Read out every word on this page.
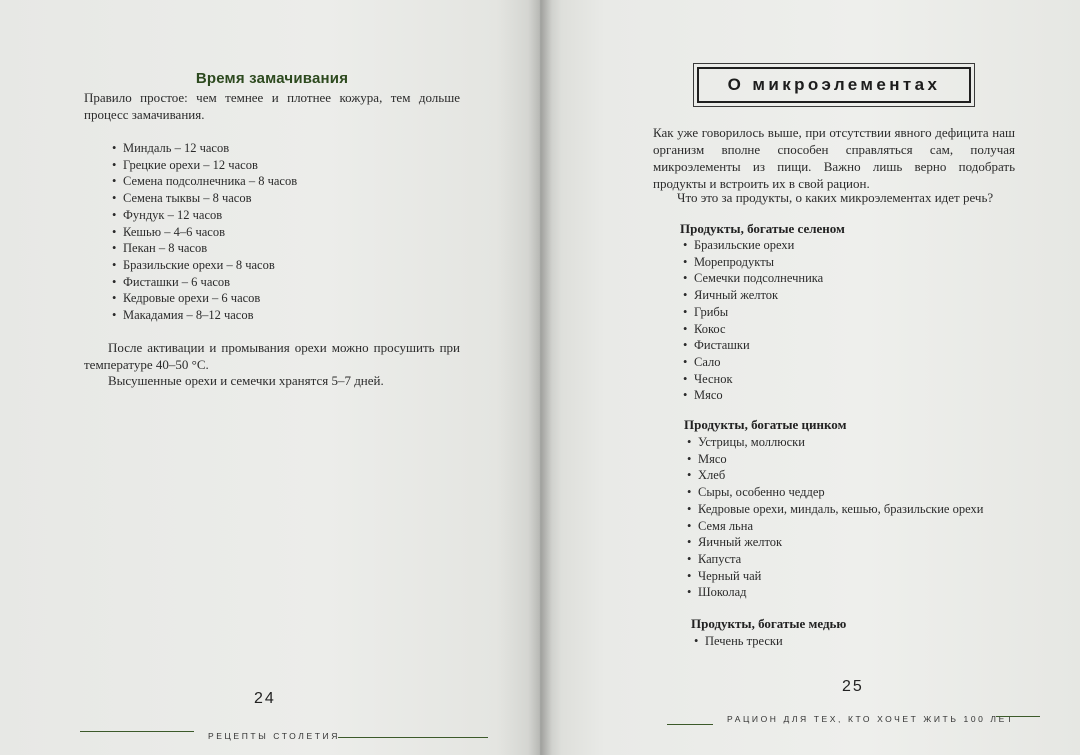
Время замачивания
Правило простое: чем темнее и плотнее кожура, тем дольше процесс замачивания.
• Миндаль – 12 часов
• Грецкие орехи – 12 часов
• Семена подсолнечника – 8 часов
• Семена тыквы – 8 часов
• Фундук – 12 часов
• Кешью – 4–6 часов
• Пекан – 8 часов
• Бразильские орехи – 8 часов
• Фисташки – 6 часов
• Кедровые орехи – 6 часов
• Макадамия – 8–12 часов
После активации и промывания орехи можно просушить при температуре 40–50 °C.
Высушенные орехи и семечки хранятся 5–7 дней.
24
РЕЦЕПТЫ СТОЛЕТИЯ
О микроэлементах
Как уже говорилось выше, при отсутствии явного дефицита наш организм вполне способен справляться сам, получая микроэлементы из пищи. Важно лишь верно подобрать продукты и встроить их в свой рацион.
Что это за продукты, о каких микроэлементах идет речь?
Продукты, богатые селеном
• Бразильские орехи
• Морепродукты
• Семечки подсолнечника
• Яичный желток
• Грибы
• Кокос
• Фисташки
• Сало
• Чеснок
• Мясо
Продукты, богатые цинком
• Устрицы, моллюски
• Мясо
• Хлеб
• Сыры, особенно чеддер
• Кедровые орехи, миндаль, кешью, бразильские орехи
• Семя льна
• Яичный желток
• Капуста
• Черный чай
• Шоколад
Продукты, богатые медью
• Печень трески
25
РАЦИОН ДЛЯ ТЕХ, КТО ХОЧЕТ ЖИТЬ 100 ЛЕТ
